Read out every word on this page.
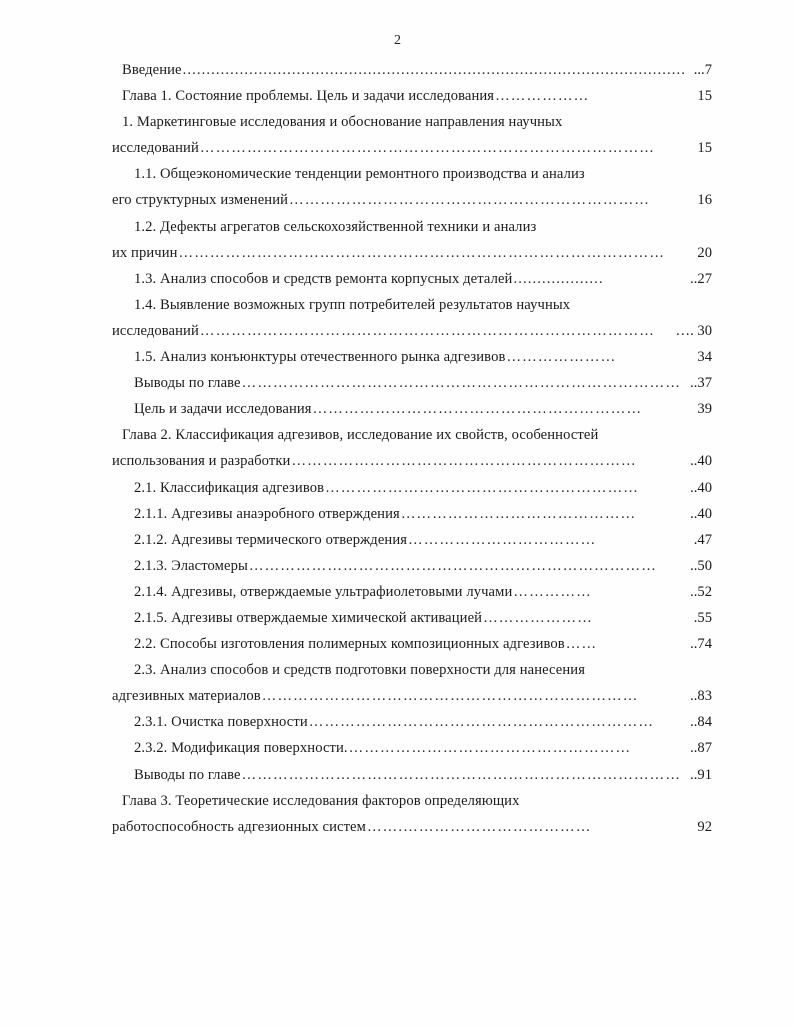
2
Введение .......................................................................................................... ...7
Глава 1. Состояние проблемы. Цель и задачи исследования ………………	15
1. Маркетинговые исследования и обоснование направления научных
исследований ……………………………………………………………………………	15
1.1. Общеэкономические тенденции ремонтного производства и анализ
его структурных изменений ……………………………………………………………	16
1.2. Дефекты агрегатов сельскохозяйственной техники и анализ
их причин …………………………………………………………………………………	20
1.3. Анализ способов и средств ремонта корпусных деталей ...................	..27
1.4. Выявление возможных групп потребителей результатов научных
исследований ……………………………………………………………………………	…. 30
1.5. Анализ конъюнктуры отечественного рынка адгезивов …………………	34
Выводы по главе ………………………………………………………………………… ..37
Цель и задачи исследования ………………………………………………………	39
Глава 2. Классификация адгезивов, исследование их свойств, особенностей
использования и разработки …………………………………………………………	..40
2.1. Классификация адгезивов ……………………………………………………	..40
2.1.1. Адгезивы анаэробного отверждения ………………………………………	..40
2.1.2. Адгезивы термического отверждения ………………………………	.47
2.1.3. Эластомеры ……………………………………………………………………	..50
2.1.4. Адгезивы, отверждаемые ультрафиолетовыми лучами ……………	..52
2.1.5. Адгезивы отверждаемые химической активацией …………………	.55
2.2. Способы изготовления полимерных композиционных адгезивов ……	..74
2.3. Анализ способов и средств подготовки поверхности для нанесения
адгезивных материалов ………………………………………………………………	..83
2.3.1. Очистка поверхности …………………………………………………………	..84
2.3.2. Модификация поверхности. ………………………………………………	..87
Выводы по главе ………………………………………………………………………… ..91
Глава 3. Теоретические исследования факторов определяющих
работоспособность адгезионных систем …….………………………………	92
